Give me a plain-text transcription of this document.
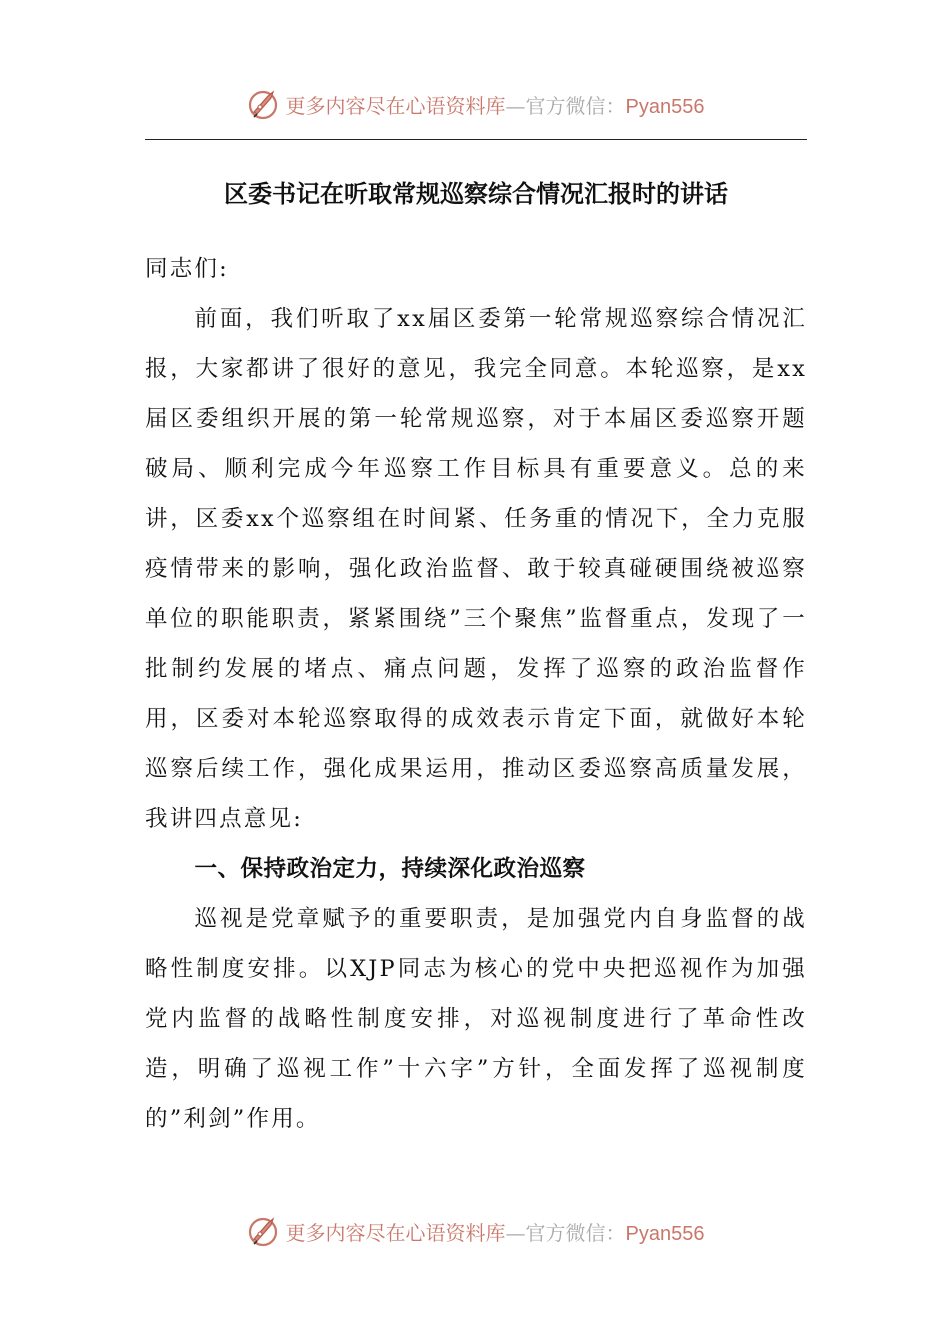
更多内容尽在心语资料库—官方微信：Pyan556
区委书记在听取常规巡察综合情况汇报时的讲话

同志们:

前面，我们听取了xx届区委第一轮常规巡察综合情况汇报，大家都讲了很好的意见，我完全同意。本轮巡察，是xx届区委组织开展的第一轮常规巡察，对于本届区委巡察开题破局、顺利完成今年巡察工作目标具有重要意义。总的来讲，区委xx个巡察组在时间紧、任务重的情况下，全力克服疫情带来的影响，强化政治监督、敢于较真碰硬围绕被巡察单位的职能职责，紧紧围绕”三个聚焦”监督重点，发现了一批制约发展的堵点、痛点问题，发挥了巡察的政治监督作用，区委对本轮巡察取得的成效表示肯定下面，就做好本轮巡察后续工作，强化成果运用，推动区委巡察高质量发展，我讲四点意见:

一、保持政治定力，持续深化政治巡察

巡视是党章赋予的重要职责，是加强党内自身监督的战略性制度安排。以XJP同志为核心的党中央把巡视作为加强党内监督的战略性制度安排，对巡视制度进行了革命性改造，明确了巡视工作”十六字”方针，全面发挥了巡视制度的”利剑”作用。

更多内容尽在心语资料库—官方微信：Pyan556
